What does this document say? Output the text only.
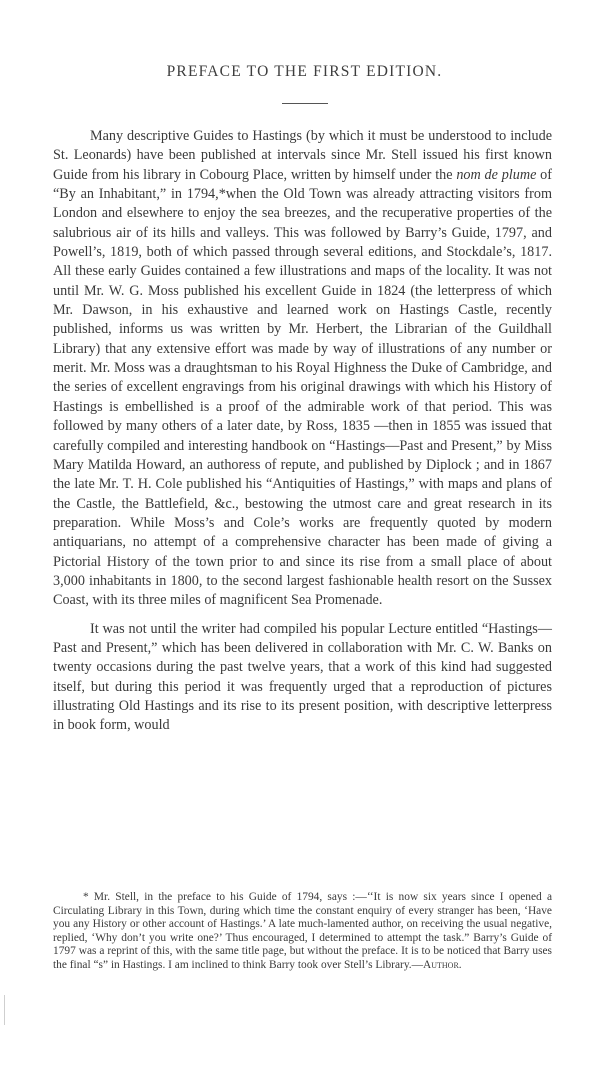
PREFACE TO THE FIRST EDITION.

Many descriptive Guides to Hastings (by which it must be understood to include St. Leonards) have been published at intervals since Mr. Stell issued his first known Guide from his library in Cobourg Place, written by himself under the nom de plume of “By an Inhabitant,” in 1794,*when the Old Town was already attracting visitors from London and elsewhere to enjoy the sea breezes, and the recuperative properties of the salubrious air of its hills and valleys. This was followed by Barry’s Guide, 1797, and Powell’s, 1819, both of which passed through several editions, and Stockdale’s, 1817. All these early Guides contained a few illustrations and maps of the locality. It was not until Mr. W. G. Moss published his excellent Guide in 1824 (the letterpress of which Mr. Dawson, in his exhaustive and learned work on Hastings Castle, recently published, informs us was written by Mr. Herbert, the Librarian of the Guildhall Library) that any extensive effort was made by way of illustrations of any number or merit. Mr. Moss was a draughtsman to his Royal Highness the Duke of Cambridge, and the series of excellent engravings from his original drawings with which his History of Hastings is embellished is a proof of the admirable work of that period. This was followed by many others of a later date, by Ross, 1835 —then in 1855 was issued that carefully compiled and interesting handbook on “Hastings—Past and Present,” by Miss Mary Matilda Howard, an authoress of repute, and published by Diplock ; and in 1867 the late Mr. T. H. Cole published his “Antiquities of Hastings,” with maps and plans of the Castle, the Battlefield, &c., bestowing the utmost care and great research in its preparation. While Moss’s and Cole’s works are frequently quoted by modern antiquarians, no attempt of a comprehensive character has been made of giving a Pictorial History of the town prior to and since its rise from a small place of about 3,000 inhabitants in 1800, to the second largest fashionable health resort on the Sussex Coast, with its three miles of magnificent Sea Promenade.

It was not until the writer had compiled his popular Lecture entitled “Hastings—Past and Present,” which has been delivered in collaboration with Mr. C. W. Banks on twenty occasions during the past twelve years, that a work of this kind had suggested itself, but during this period it was frequently urged that a reproduction of pictures illustrating Old Hastings and its rise to its present position, with descriptive letterpress in book form, would

* Mr. Stell, in the preface to his Guide of 1794, says :—‘‘It is now six years since I opened a Circulating Library in this Town, during which time the constant enquiry of every stranger has been, ‘Have you any History or other account of Hastings.’ A late much-lamented author, on receiving the usual negative, replied, ‘Why don’t you write one?’ Thus encouraged, I determined to attempt the task.” Barry’s Guide of 1797 was a reprint of this, with the same title page, but without the preface. It is to be noticed that Barry uses the final “s” in Hastings. I am inclined to think Barry took over Stell’s Library.—Author.
